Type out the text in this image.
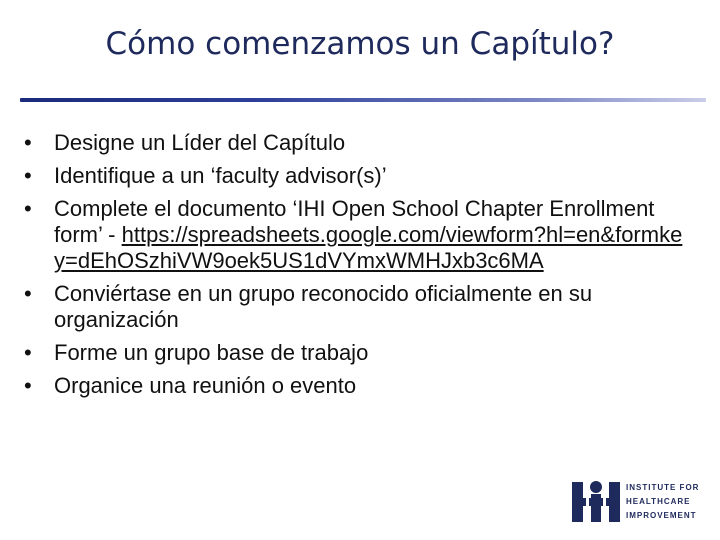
Cómo comenzamos un Capítulo?
• Designe un Líder del Capítulo
• Identifique a un ‘faculty advisor(s)’
• Complete el documento ‘IHI Open School Chapter Enrollment form’ - https://spreadsheets.google.com/viewform?hl=en&formkey=dEhOSzhiVW9oek5US1dVYmxWMHJxb3c6MA
• Conviértase en un grupo reconocido oficialmente en su organización
• Forme un grupo base de trabajo
• Organice una reunión o evento
INSTITUTE FOR
HEALTHCARE
IMPROVEMENT
